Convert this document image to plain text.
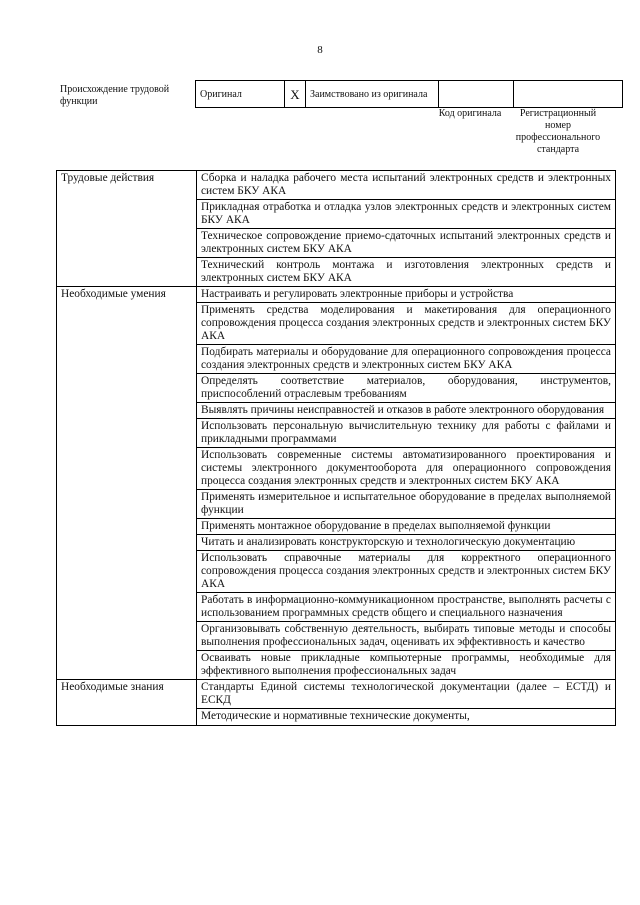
8
Происхождение трудовой функции
Оригинал	X	Заимствовано из оригинала		
Код оригинала	Регистрационный номер профессионального стандарта
Трудовые действия	Сборка и наладка рабочего места испытаний электронных средств и электронных систем БКУ АКА
	Прикладная отработка и отладка узлов электронных средств и электронных систем БКУ АКА
	Техническое сопровождение приемо-сдаточных испытаний электронных средств и электронных систем БКУ АКА
	Технический контроль монтажа и изготовления электронных средств и электронных систем БКУ АКА
Необходимые умения	Настраивать и регулировать электронные приборы и устройства
	Применять средства моделирования и макетирования для операционного сопровождения процесса создания электронных средств и электронных систем БКУ АКА
	Подбирать материалы и оборудование для операционного сопровождения процесса создания электронных средств и электронных систем БКУ АКА
	Определять соответствие материалов, оборудования, инструментов, приспособлений отраслевым требованиям
	Выявлять причины неисправностей и отказов в работе электронного оборудования
	Использовать персональную вычислительную технику для работы с файлами и прикладными программами
	Использовать современные системы автоматизированного проектирования и системы электронного документооборота для операционного сопровождения процесса создания электронных средств и электронных систем БКУ АКА
	Применять измерительное и испытательное оборудование в пределах выполняемой функции
	Применять монтажное оборудование в пределах выполняемой функции
	Читать и анализировать конструкторскую и технологическую документацию
	Использовать справочные материалы для корректного операционного сопровождения процесса создания электронных средств и электронных систем БКУ АКА
	Работать в информационно-коммуникационном пространстве, выполнять расчеты с использованием программных средств общего и специального назначения
	Организовывать собственную деятельность, выбирать типовые методы и способы выполнения профессиональных задач, оценивать их эффективность и качество
	Осваивать новые прикладные компьютерные программы, необходимые для эффективного выполнения профессиональных задач
Необходимые знания	Стандарты Единой системы технологической документации (далее – ЕСТД) и ЕСКД
	Методические и нормативные технические документы,
